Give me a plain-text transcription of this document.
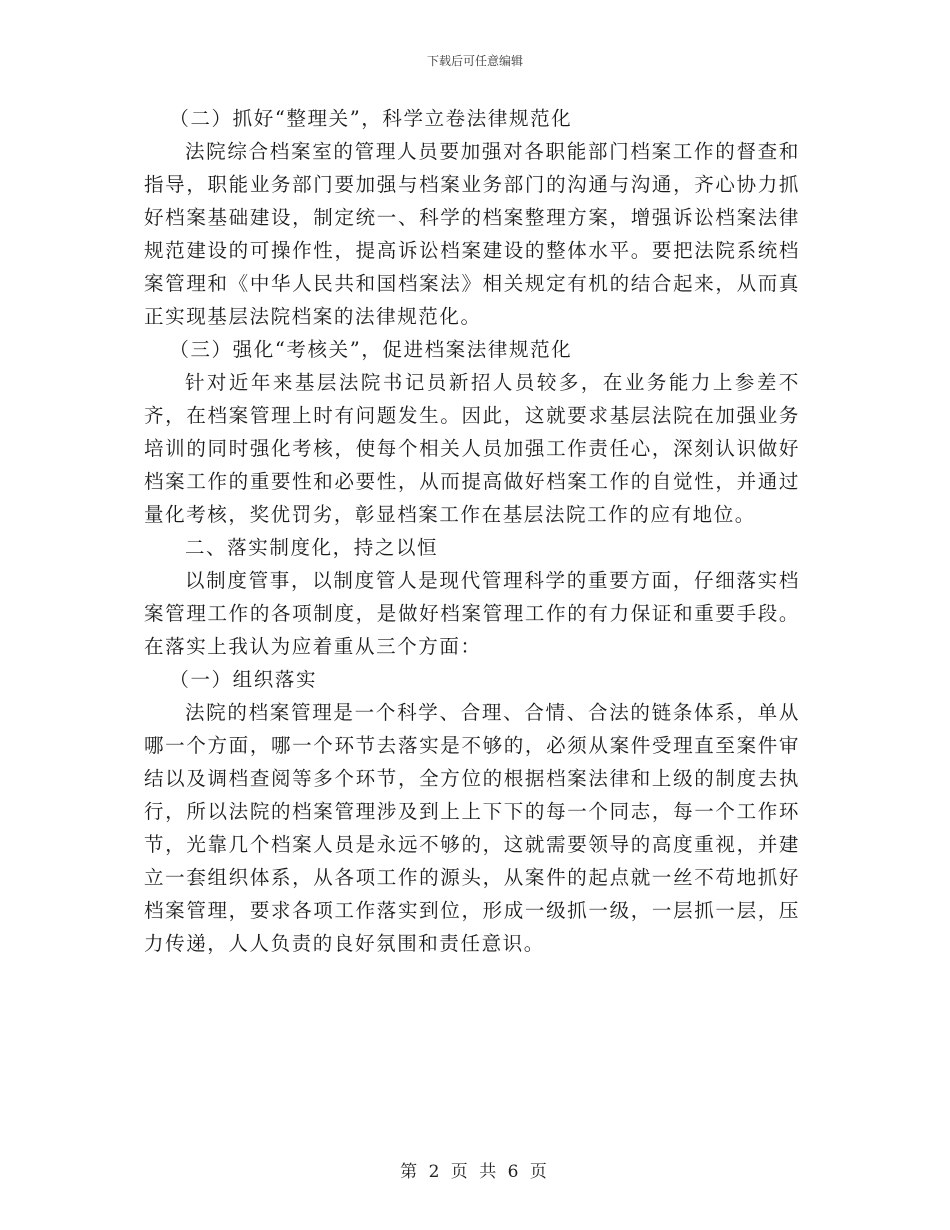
下载后可任意编辑

（二）抓好“整理关”，科学立卷法律规范化

法院综合档案室的管理人员要加强对各职能部门档案工作的督查和指导，职能业务部门要加强与档案业务部门的沟通与沟通，齐心协力抓好档案基础建设，制定统一、科学的档案整理方案，增强诉讼档案法律规范建设的可操作性，提高诉讼档案建设的整体水平。要把法院系统档案管理和《中华人民共和国档案法》相关规定有机的结合起来，从而真正实现基层法院档案的法律规范化。

（三）强化“考核关”，促进档案法律规范化

针对近年来基层法院书记员新招人员较多，在业务能力上参差不齐，在档案管理上时有问题发生。因此，这就要求基层法院在加强业务培训的同时强化考核，使每个相关人员加强工作责任心，深刻认识做好档案工作的重要性和必要性，从而提高做好档案工作的自觉性，并通过量化考核，奖优罚劣，彰显档案工作在基层法院工作的应有地位。

二、落实制度化，持之以恒

以制度管事，以制度管人是现代管理科学的重要方面，仔细落实档案管理工作的各项制度，是做好档案管理工作的有力保证和重要手段。在落实上我认为应着重从三个方面：

（一）组织落实

法院的档案管理是一个科学、合理、合情、合法的链条体系，单从哪一个方面，哪一个环节去落实是不够的，必须从案件受理直至案件审结以及调档查阅等多个环节，全方位的根据档案法律和上级的制度去执行，所以法院的档案管理涉及到上上下下的每一个同志，每一个工作环节，光靠几个档案人员是永远不够的，这就需要领导的高度重视，并建立一套组织体系，从各项工作的源头，从案件的起点就一丝不苟地抓好档案管理，要求各项工作落实到位，形成一级抓一级，一层抓一层，压力传递，人人负责的良好氛围和责任意识。

第 2 页 共 6 页
